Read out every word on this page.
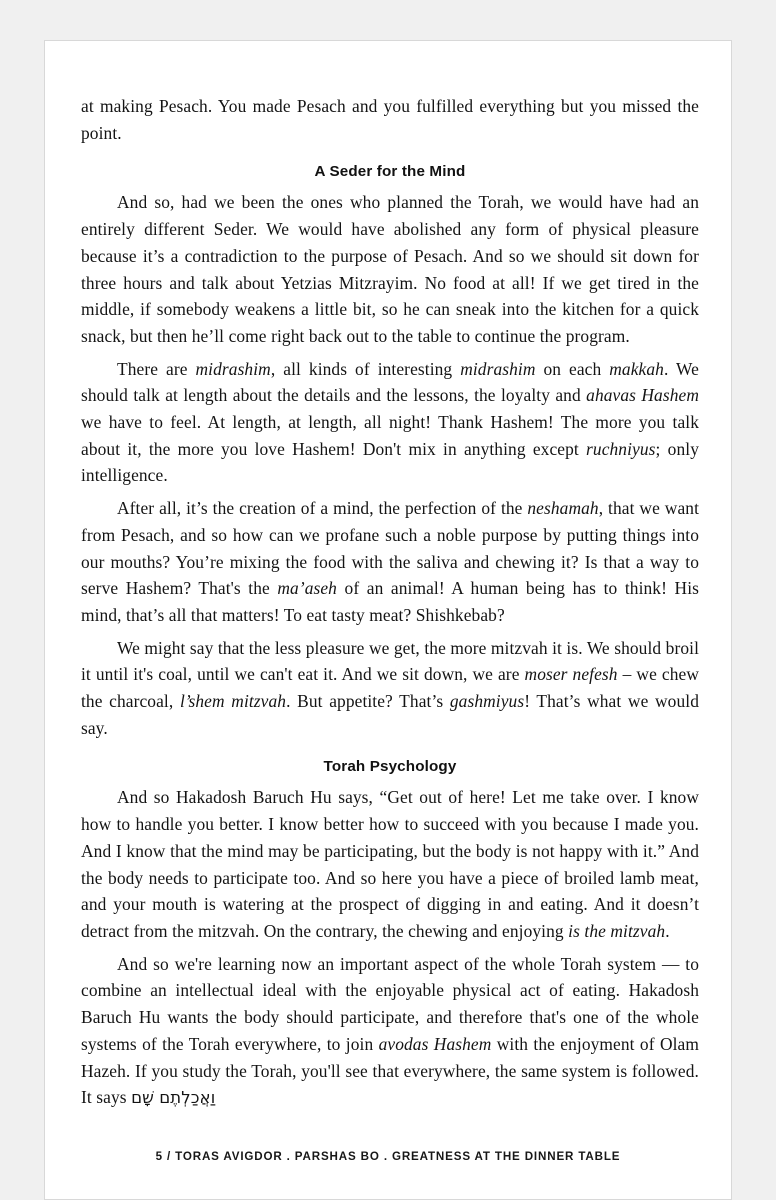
at making Pesach. You made Pesach and you fulfilled everything but you missed the point.

A Seder for the Mind

And so, had we been the ones who planned the Torah, we would have had an entirely different Seder. We would have abolished any form of physical pleasure because it’s a contradiction to the purpose of Pesach. And so we should sit down for three hours and talk about Yetzias Mitzrayim. No food at all! If we get tired in the middle, if somebody weakens a little bit, so he can sneak into the kitchen for a quick snack, but then he’ll come right back out to the table to continue the program.

There are midrashim, all kinds of interesting midrashim on each makkah. We should talk at length about the details and the lessons, the loyalty and ahavas Hashem we have to feel. At length, at length, all night! Thank Hashem! The more you talk about it, the more you love Hashem! Don't mix in anything except ruchniyus; only intelligence.

After all, it’s the creation of a mind, the perfection of the neshamah, that we want from Pesach, and so how can we profane such a noble purpose by putting things into our mouths? You’re mixing the food with the saliva and chewing it? Is that a way to serve Hashem? That's the ma’aseh of an animal! A human being has to think! His mind, that’s all that matters! To eat tasty meat? Shishkebab?

We might say that the less pleasure we get, the more mitzvah it is. We should broil it until it's coal, until we can't eat it. And we sit down, we are moser nefesh – we chew the charcoal, l’shem mitzvah. But appetite? That’s gashmiyus! That’s what we would say.

Torah Psychology

And so Hakadosh Baruch Hu says, “Get out of here! Let me take over. I know how to handle you better. I know better how to succeed with you because I made you. And I know that the mind may be participating, but the body is not happy with it.” And the body needs to participate too. And so here you have a piece of broiled lamb meat, and your mouth is watering at the prospect of digging in and eating. And it doesn’t detract from the mitzvah. On the contrary, the chewing and enjoying is the mitzvah.

And so we're learning now an important aspect of the whole Torah system — to combine an intellectual ideal with the enjoyable physical act of eating. Hakadosh Baruch Hu wants the body should participate, and therefore that's one of the whole systems of the Torah everywhere, to join avodas Hashem with the enjoyment of Olam Hazeh. If you study the Torah, you'll see that everywhere, the same system is followed. It says וַאֲכַלְתֶם שָׁם

5 / TORAS AVIGDOR . PARSHAS BO . GREATNESS AT THE DINNER TABLE
